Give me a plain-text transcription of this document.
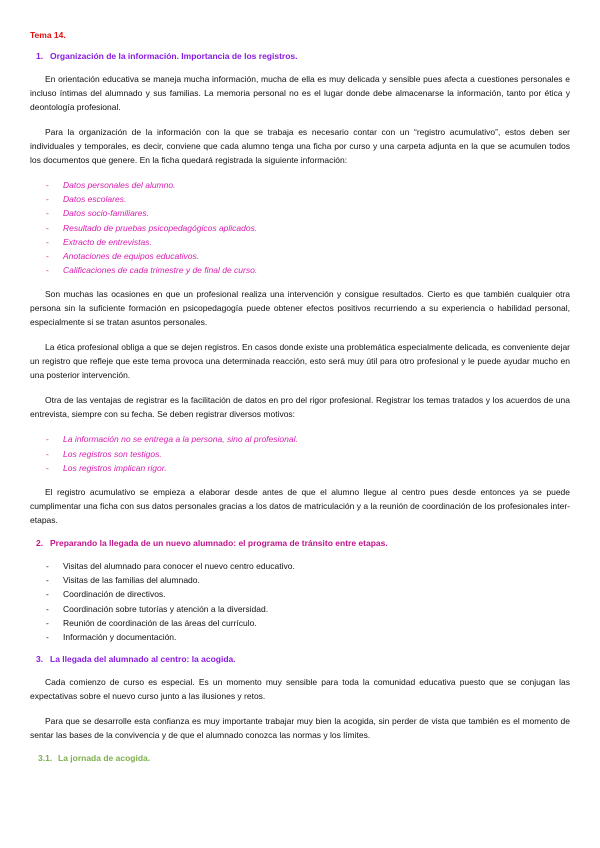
Tema 14.
1. Organización de la información. Importancia de los registros.

En orientación educativa se maneja mucha información, mucha de ella es muy delicada y sensible pues afecta a cuestiones personales e incluso íntimas del alumnado y sus familias. La memoria personal no es el lugar donde debe almacenarse la información, tanto por ética y deontología profesional.

Para la organización de la información con la que se trabaja es necesario contar con un “registro acumulativo”, estos deben ser individuales y temporales, es decir, conviene que cada alumno tenga una ficha por curso y una carpeta adjunta en la que se acumulen todos los documentos que genere. En la ficha quedará registrada la siguiente información:

- Datos personales del alumno.
- Datos escolares.
- Datos socio-familiares.
- Resultado de pruebas psicopedagógicos aplicados.
- Extracto de entrevistas.
- Anotaciones de equipos educativos.
- Calificaciones de cada trimestre y de final de curso.

Son muchas las ocasiones en que un profesional realiza una intervención y consigue resultados. Cierto es que también cualquier otra persona sin la suficiente formación en psicopedagogía puede obtener efectos positivos recurriendo a su experiencia o habilidad personal, especialmente si se tratan asuntos personales.

La ética profesional obliga a que se dejen registros. En casos donde existe una problemática especialmente delicada, es conveniente dejar un registro que refleje que este tema provoca una determinada reacción, esto será muy útil para otro profesional y le puede ayudar mucho en una posterior intervención.

Otra de las ventajas de registrar es la facilitación de datos en pro del rigor profesional. Registrar los temas tratados y los acuerdos de una entrevista, siempre con su fecha. Se deben registrar diversos motivos:

- La información no se entrega a la persona, sino al profesional.
- Los registros son testigos.
- Los registros implican rigor.

El registro acumulativo se empieza a elaborar desde antes de que el alumno llegue al centro pues desde entonces ya se puede cumplimentar una ficha con sus datos personales gracias a los datos de matriculación y a la reunión de coordinación de los profesionales inter-etapas.

2. Preparando la llegada de un nuevo alumnado: el programa de tránsito entre etapas.
- Visitas del alumnado para conocer el nuevo centro educativo.
- Visitas de las familias del alumnado.
- Coordinación de directivos.
- Coordinación sobre tutorías y atención a la diversidad.
- Reunión de coordinación de las áreas del currículo.
- Información y documentación.
3. La llegada del alumnado al centro: la acogida.

Cada comienzo de curso es especial. Es un momento muy sensible para toda la comunidad educativa puesto que se conjugan las expectativas sobre el nuevo curso junto a las ilusiones y retos.

Para que se desarrolle esta confianza es muy importante trabajar muy bien la acogida, sin perder de vista que también es el momento de sentar las bases de la convivencia y de que el alumnado conozca las normas y los límites.

3.1. La jornada de acogida.
